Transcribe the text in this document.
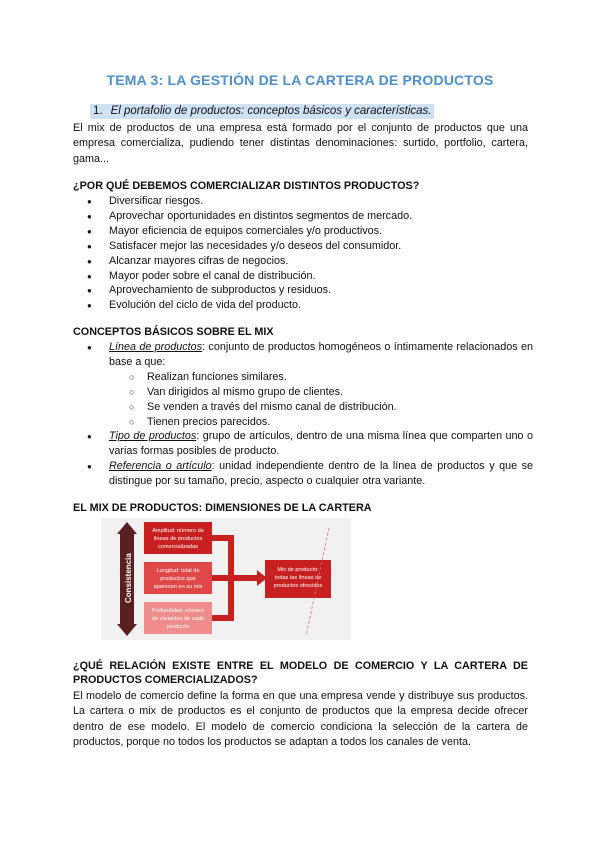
TEMA 3: LA GESTIÓN DE LA CARTERA DE PRODUCTOS
1. El portafolio de productos: conceptos básicos y características.
El mix de productos de una empresa está formado por el conjunto de productos que una empresa comercializa, pudiendo tener distintas denominaciones: surtido, portfolio, cartera, gama...
¿POR QUÉ DEBEMOS COMERCIALIZAR DISTINTOS PRODUCTOS?
● Diversificar riesgos.
● Aprovechar oportunidades en distintos segmentos de mercado.
● Mayor eficiencia de equipos comerciales y/o productivos.
● Satisfacer mejor las necesidades y/o deseos del consumidor.
● Alcanzar mayores cifras de negocios.
● Mayor poder sobre el canal de distribución.
● Aprovechamiento de subproductos y residuos.
● Evolución del ciclo de vida del producto.
CONCEPTOS BÁSICOS SOBRE EL MIX
● Línea de productos: conjunto de productos homogéneos o íntimamente relacionados en base a que:
○ Realizan funciones similares.
○ Van dirigidos al mismo grupo de clientes.
○ Se venden a través del mismo canal de distribución.
○ Tienen precios parecidos.
● Tipo de productos: grupo de artículos, dentro de una misma línea que comparten uno o varias formas posibles de producto.
● Referencia o artículo: unidad independiente dentro de la línea de productos y que se distingue por su tamaño, precio, aspecto o cualquier otra variante.
EL MIX DE PRODUCTOS: DIMENSIONES DE LA CARTERA
Consistencia
Amplitud: número de
líneas de productos
comercializadas
Longitud: total de
productos que
aparecen en su mix
Profundidad: número
de variantes de cada
producto
Mix de producto:
todas las líneas de
productos ofrecidos
¿QUÉ RELACIÓN EXISTE ENTRE EL MODELO DE COMERCIO Y LA CARTERA DE
PRODUCTOS COMERCIALIZADOS?
El modelo de comercio define la forma en que una empresa vende y distribuye sus productos. La cartera o mix de productos es el conjunto de productos que la empresa decide ofrecer dentro de ese modelo. El modelo de comercio condiciona la selección de la cartera de productos, porque no todos los productos se adaptan a todos los canales de venta.
